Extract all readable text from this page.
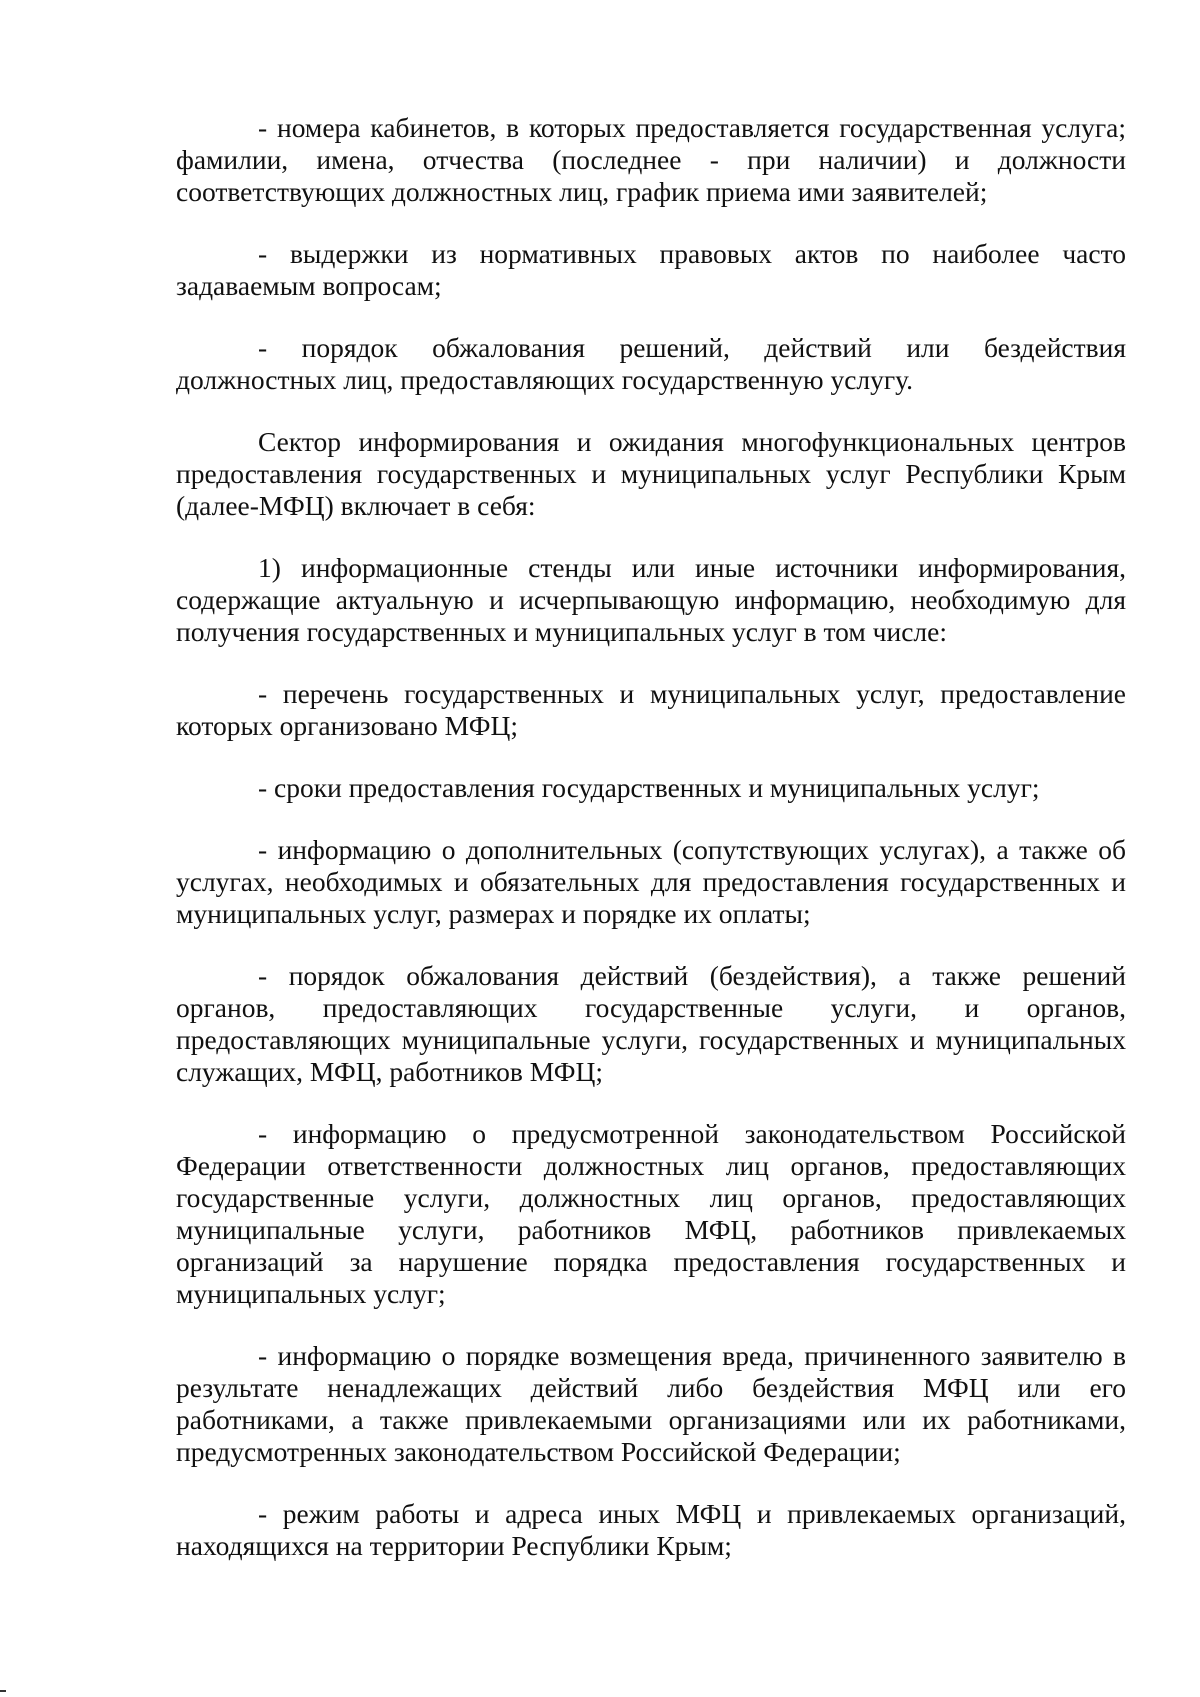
- номера кабинетов, в которых предоставляется государственная услуга; фамилии, имена, отчества (последнее - при наличии) и должности соответствующих должностных лиц, график приема ими заявителей;

- выдержки из нормативных правовых актов по наиболее часто задаваемым вопросам;

- порядок обжалования решений, действий или бездействия должностных лиц, предоставляющих государственную услугу.

Сектор информирования и ожидания многофункциональных центров предоставления государственных и муниципальных услуг Республики Крым (далее-МФЦ) включает в себя:

1) информационные стенды или иные источники информирования, содержащие актуальную и исчерпывающую информацию, необходимую для получения государственных и муниципальных услуг в том числе:

- перечень государственных и муниципальных услуг, предоставление которых организовано МФЦ;

- сроки предоставления государственных и муниципальных услуг;

- информацию о дополнительных (сопутствующих услугах), а также об услугах, необходимых и обязательных для предоставления государственных и муниципальных услуг, размерах и порядке их оплаты;

- порядок обжалования действий (бездействия), а также решений органов, предоставляющих государственные услуги, и органов, предоставляющих муниципальные услуги, государственных и муниципальных служащих, МФЦ, работников МФЦ;

- информацию о предусмотренной законодательством Российской Федерации ответственности должностных лиц органов, предоставляющих государственные услуги, должностных лиц органов, предоставляющих муниципальные услуги, работников МФЦ, работников привлекаемых организаций за нарушение порядка предоставления государственных и муниципальных услуг;

- информацию о порядке возмещения вреда, причиненного заявителю в результате ненадлежащих действий либо бездействия МФЦ или его работниками, а также привлекаемыми организациями или их работниками, предусмотренных законодательством Российской Федерации;

- режим работы и адреса иных МФЦ и привлекаемых организаций, находящихся на территории Республики Крым;
